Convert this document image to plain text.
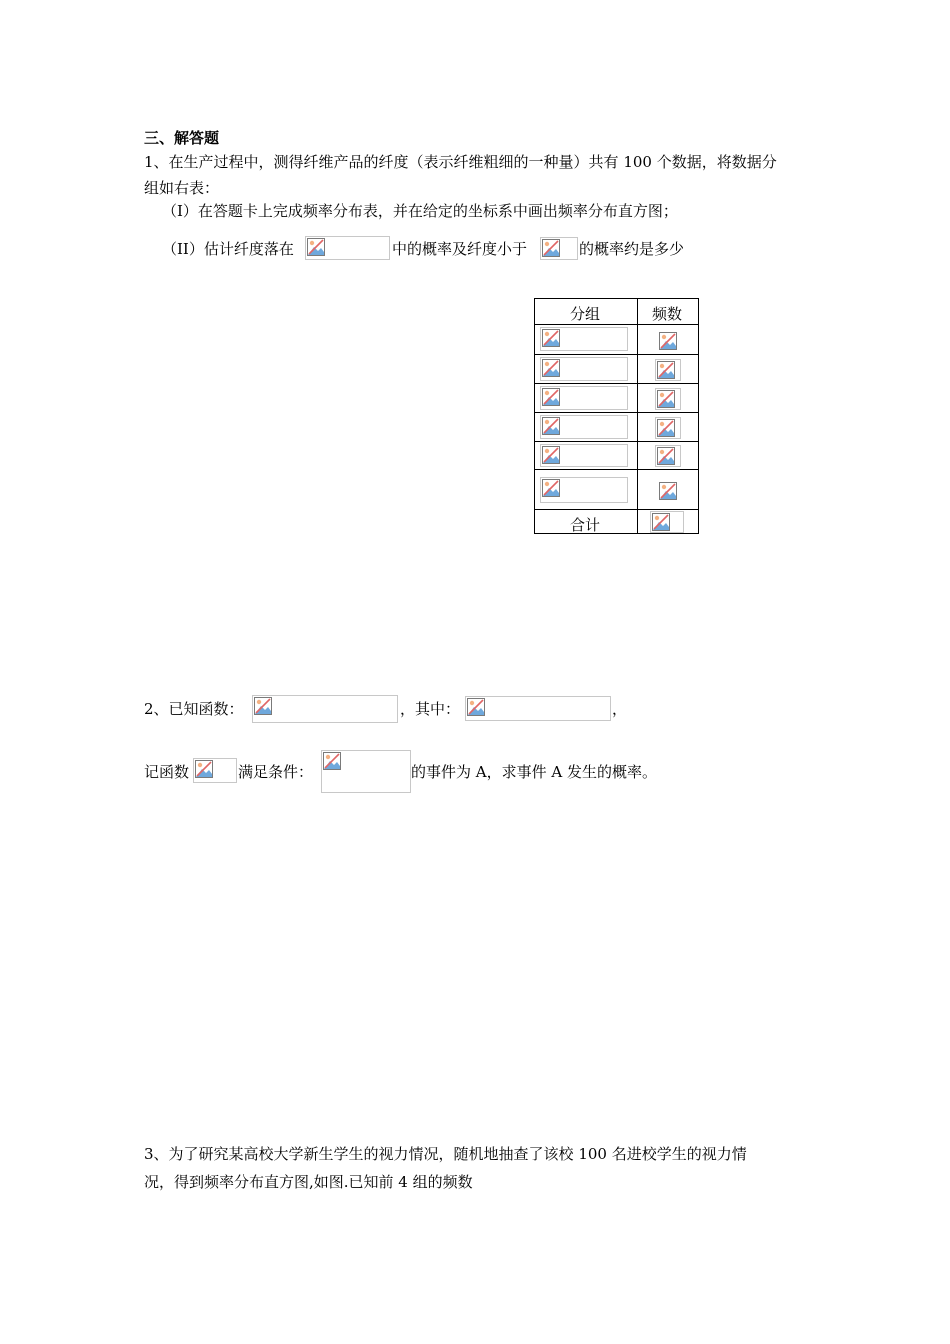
三、解答题
1、在生产过程中，测得纤维产品的纤度（表示纤维粗细的一种量）共有 100 个数据，将数据分
组如右表：
（I）在答题卡上完成频率分布表，并在给定的坐标系中画出频率分布直方图；
（II）估计纤度落在	中的概率及纤度小于	的概率约是多少
分组	频数
合计
2、已知函数：	，其中：	，
记函数	满足条件：	的事件为 A，求事件 A 发生的概率。
3、为了研究某高校大学新生学生的视力情况，随机地抽查了该校 100 名进校学生的视力情
况，得到频率分布直方图,如图.已知前 4 组的频数
